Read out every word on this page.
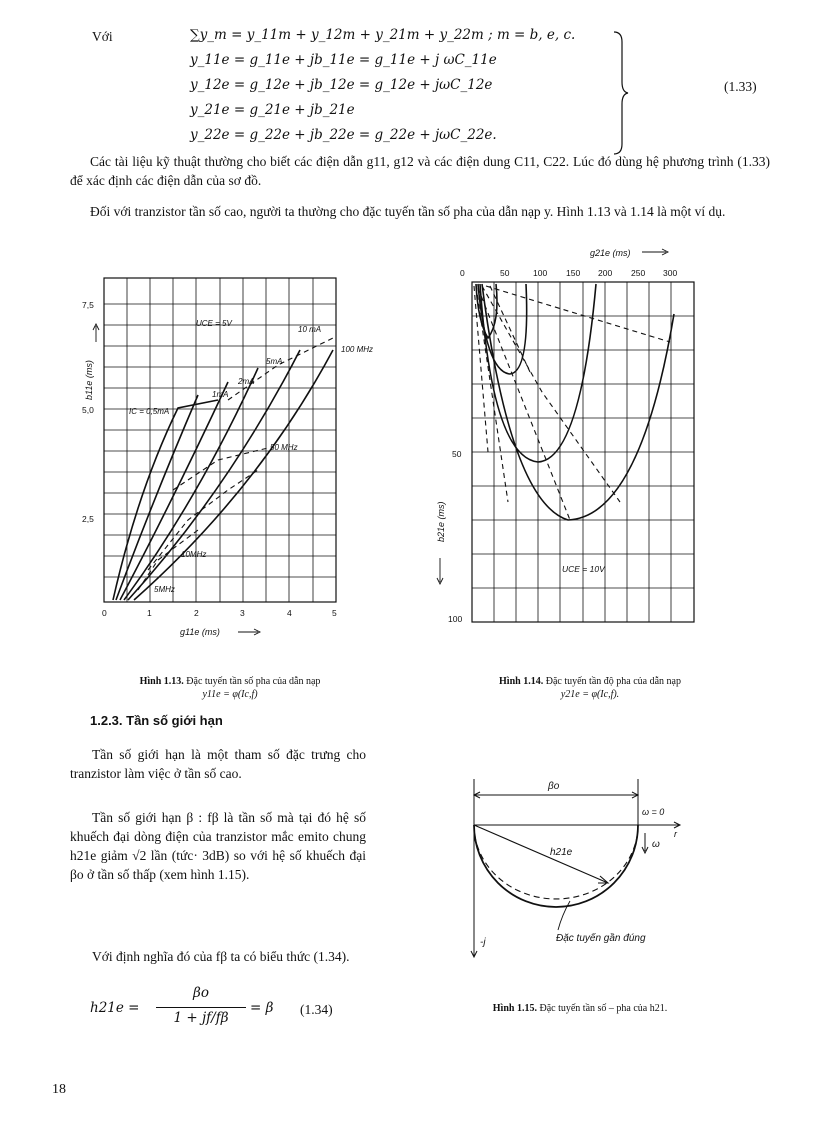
Với	∑y_m = y_11m + y_12m + y_21m + y_22m ; m = b, e, c.
y_11e = g_11e + jb_11e = g_11e + j ωC_11e
y_12e = g_12e + jb_12e = g_12e + jωC_12e
y_21e = g_21e + jb_21e
y_22e = g_22e + jb_22e = g_22e + jωC_22e.
(1.33)
Các tài liệu kỹ thuật thường cho biết các điện dẫn g11, g12 và các điện dung C11, C22. Lúc đó dùng hệ phương trình (1.33) để xác định các điện dẫn của sơ đồ.
Đối với tranzistor tần số cao, người ta thường cho đặc tuyến tần số pha của dẫn nạp y. Hình 1.13 và 1.14 là một ví dụ.
7,5
5,0
2,5
0	1	2	3	4	5
UCE = 5V
10 mA
100 MHz
5mA
2mA
1mA
IC = 0,5mA
50 MHz
10MHz
5MHz
b11e (ms)
g11e (ms)
Hình 1.13. Đặc tuyến tần số pha của dẫn nạp
y11e = φ(Ic,f)
g21e (ms)
0	50	100 150 200 250 300
50
100
b21e (ms)
UCE = 10V
Hình 1.14. Đặc tuyến tần độ pha của dẫn nạp
y21e = φ(Ic,f).
1.2.3. Tần số giới hạn
Tần số giới hạn là một tham số đặc trưng cho tranzistor làm việc ở tần số cao.
Tần số giới hạn β : fβ là tần số mà tại đó hệ số khuếch đại dòng điện của tranzistor mắc emito chung h21e giảm √2 lần (tức· 3dB) so với hệ số khuếch đại βo ở tần số thấp (xem hình 1.15).
Với định nghĩa đó của fβ ta có biểu thức (1.34).
h21e =
βo
1 + jf/fβ
= β (1.34)
βo
ω = 0
r
ω
h21e
-j	Đặc tuyến gần đúng
Hình 1.15. Đặc tuyến tần số – pha của h21.
18
